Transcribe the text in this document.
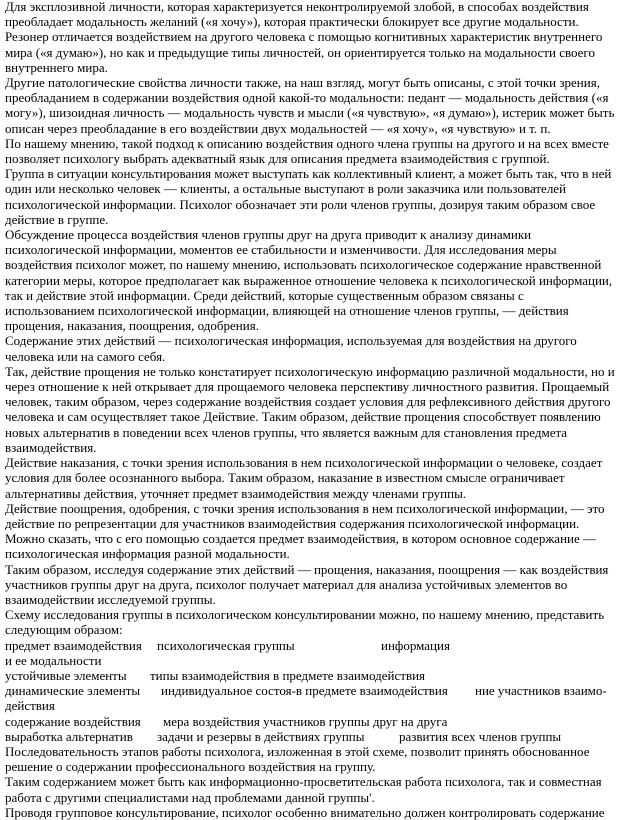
Для эксплозивной личности, которая характеризуется неконтролируемой злобой, в способах воздействия преобладает модальность желаний («я хочу»), которая практически блокирует все другие модальности. Резонер отличается воздействием на другого человека с помощью когнитивных характеристик внутреннего мира («я думаю»), но как и предыдущие типы личностей, он ориентируется только на модальности своего внутреннего мира.

Другие патологические свойства личности также, на наш взгляд, могут быть описаны, с этой точки зрения, преобладанием в содержании воздействия одной какой-то модальности: педант — модальность действия («я могу»), шизоидная личность — модальность чувств и мысли («я чувствую», «я думаю»), истерик может быть описан через преобладание в его воздействии двух модальностей — «я хочу», «я чувствую» и т. п.

По нашему мнению, такой подход к описанию воздействия одного члена группы на другого и на всех вместе позволяет психологу выбрать адекватный язык для описания предмета взаимодействия с группой.

Группа в ситуации консультирования может выступать как коллективный клиент, а может быть так, что в ней один или несколько человек — клиенты, а остальные выступают в роли заказчика или пользователей психологической информации. Психолог обозначает эти роли членов группы, дозируя таким образом свое действие в группе.

Обсуждение процесса воздействия членов группы друг на друга приводит к анализу динамики психологической информации, моментов ее стабильности и изменчивости. Для исследования меры воздействия психолог может, по нашему мнению, использовать психологическое содержание нравственной категории меры, которое предполагает как выраженное отношение человека к психологической информации, так и действие этой информации. Среди действий, которые существенным образом связаны с использованием психологической информации, влияющей на отношение членов группы, — действия прощения, наказания, поощрения, одобрения.

Содержание этих действий — психологическая информация, используемая для воздействия на другого человека или на самого себя.

Так, действие прощения не только констатирует психологическую информацию различной модальности, но и через отношение к ней открывает для прощаемого человека перспективу личностного развития. Прощаемый человек, таким образом, через содержание воздействия создает условия для рефлексивного действия другого человека и сам осуществляет такое Действие. Таким образом, действие прощения способствует появлению новых альтернатив в поведении всех членов группы, что является важным для становления предмета взаимодействия.

Действие наказания, с точки зрения использования в нем психологической информации о человеке, создает условия для более осознанного выбора. Таким образом, наказание в известном смысле ограничивает альтернативы действия, уточняет предмет взаимодействия между членами группы.

Действие поощрения, одобрения, с точки зрения использования в нем психологической информации, — это действие по репрезентации для участников взаимодействия содержания психологической информации. Можно сказать, что с его помощью создается предмет взаимодействия, в котором основное содержание — психологическая информация разной модальности.

Таким образом, исследуя содержание этих действий — прощения, наказания, поощрения — как воздействия участников группы друг на друга, психолог получает материал для анализа устойчивых элементов во взаимодействии исследуемой группы.

Схему исследования группы в психологическом консультировании можно, по нашему мнению, представить следующим образом:

предмет взаимодействия психологическая группы	информация
и ее модальности
устойчивые элементы типы взаимодействия в предмете взаимодействия
динамические элементы индивидуальное состоя-в предмете взаимодействия ние участников взаимо-
действия
содержание воздействия мера воздействия участников группы друг на друга
выработка альтернатив задачи и резервы в действиях группы	развития всех членов группы

Последовательность этапов работы психолога, изложенная в этой схеме, позволит принять обоснованное решение о содержании профессионального воздействия на группу.

Таким содержанием может быть как информационно-просветительская работа психолога, так и совместная работа с другими специалистами над проблемами данной группы'.

Проводя групповое консультирование, психолог особенно внимательно должен контролировать содержание
